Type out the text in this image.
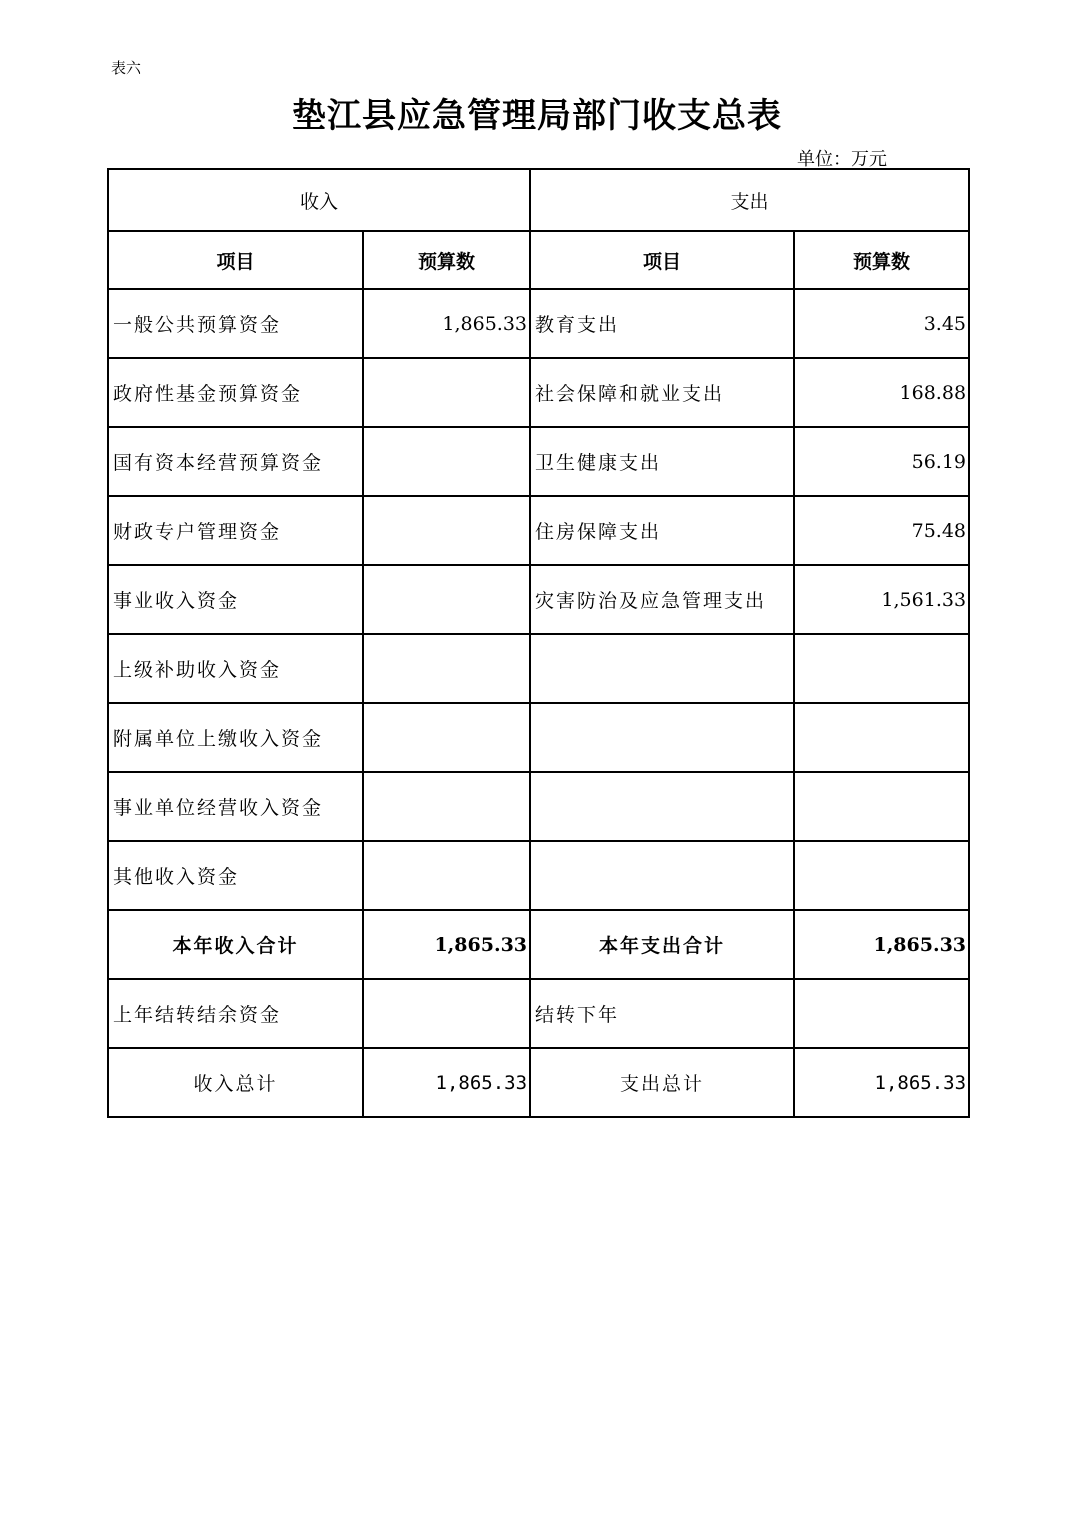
表六
垫江县应急管理局部门收支总表
单位：万元
收入		支出	
项目	预算数	项目	预算数
一般公共预算资金	1,865.33	教育支出	3.45
政府性基金预算资金		社会保障和就业支出	168.88
国有资本经营预算资金		卫生健康支出	56.19
财政专户管理资金		住房保障支出	75.48
事业收入资金		灾害防治及应急管理支出	1,561.33
上级补助收入资金			
附属单位上缴收入资金			
事业单位经营收入资金			
其他收入资金			
本年收入合计	1,865.33	本年支出合计	1,865.33
上年结转结余资金		结转下年	
收入总计	1,865.33	支出总计	1,865.33
